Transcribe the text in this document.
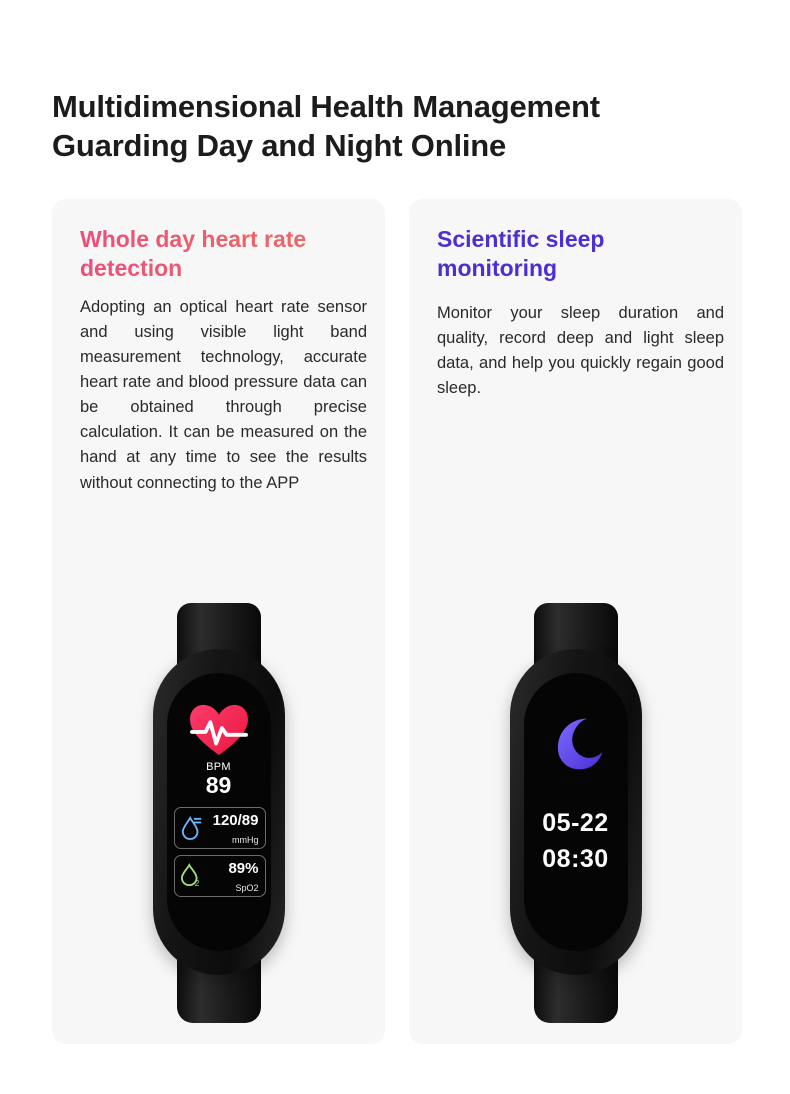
Multidimensional Health Management
Guarding Day and Night Online
Whole day heart rate detection
Adopting an optical heart rate sensor and using visible light band measurement technology, accurate heart rate and blood pressure data can be obtained through precise calculation. It can be measured on the hand at any time to see the results without connecting to the APP
BPM
89
120/89
mmHg
2
89%
SpO2
Scientific sleep monitoring
Monitor your sleep duration and quality, record deep and light sleep data, and help you quickly regain good sleep.
05-22
08:30
